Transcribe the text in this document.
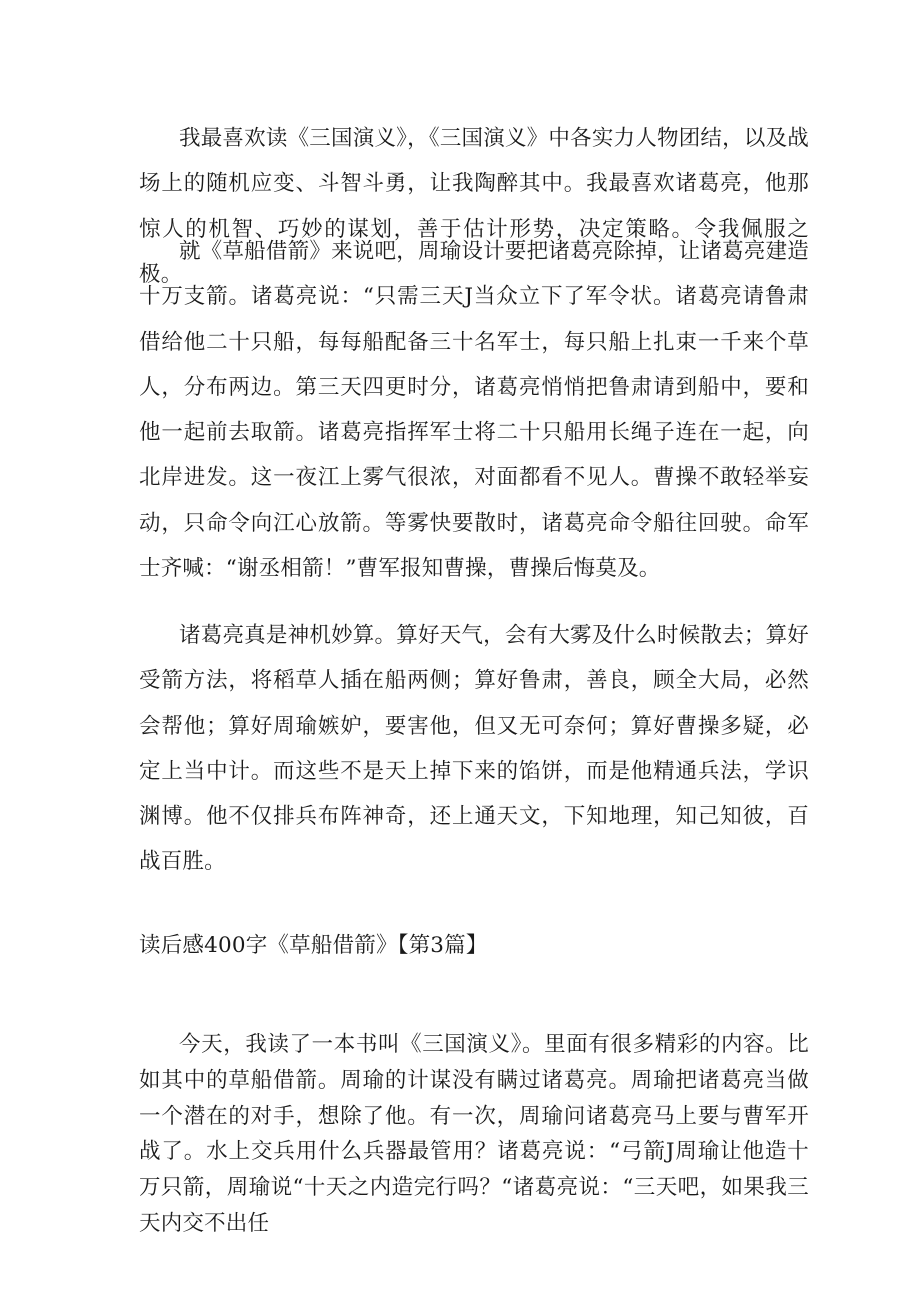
我最喜欢读《三国演义》，《三国演义》中各实力人物团结，以及战场上的随机应变、斗智斗勇，让我陶醉其中。我最喜欢诸葛亮，他那惊人的机智、巧妙的谋划，善于估计形势，决定策略。令我佩服之极。

就《草船借箭》来说吧，周瑜设计要把诸葛亮除掉，让诸葛亮建造十万支箭。诸葛亮说：“只需三天J当众立下了军令状。诸葛亮请鲁肃借给他二十只船，每每船配备三十名军士，每只船上扎束一千来个草人，分布两边。第三天四更时分，诸葛亮悄悄把鲁肃请到船中，要和他一起前去取箭。诸葛亮指挥军士将二十只船用长绳子连在一起，向北岸进发。这一夜江上雾气很浓，对面都看不见人。曹操不敢轻举妄动，只命令向江心放箭。等雾快要散时，诸葛亮命令船往回驶。命军士齐喊：“谢丞相箭！”曹军报知曹操，曹操后悔莫及。

诸葛亮真是神机妙算。算好天气，会有大雾及什么时候散去；算好受箭方法，将稻草人插在船两侧；算好鲁肃，善良，顾全大局，必然会帮他；算好周瑜嫉妒，要害他，但又无可奈何；算好曹操多疑，必定上当中计。而这些不是天上掉下来的馅饼，而是他精通兵法，学识渊博。他不仅排兵布阵神奇，还上通天文，下知地理，知己知彼，百战百胜。

读后感400字《草船借箭》【第3篇】

今天，我读了一本书叫《三国演义》。里面有很多精彩的内容。比如其中的草船借箭。周瑜的计谋没有瞒过诸葛亮。周瑜把诸葛亮当做一个潜在的对手，想除了他。有一次，周瑜问诸葛亮马上要与曹军开战了。水上交兵用什么兵器最管用？诸葛亮说：“弓箭J周瑜让他造十万只箭，周瑜说“十天之内造完行吗？“诸葛亮说：“三天吧，如果我三天内交不出任
